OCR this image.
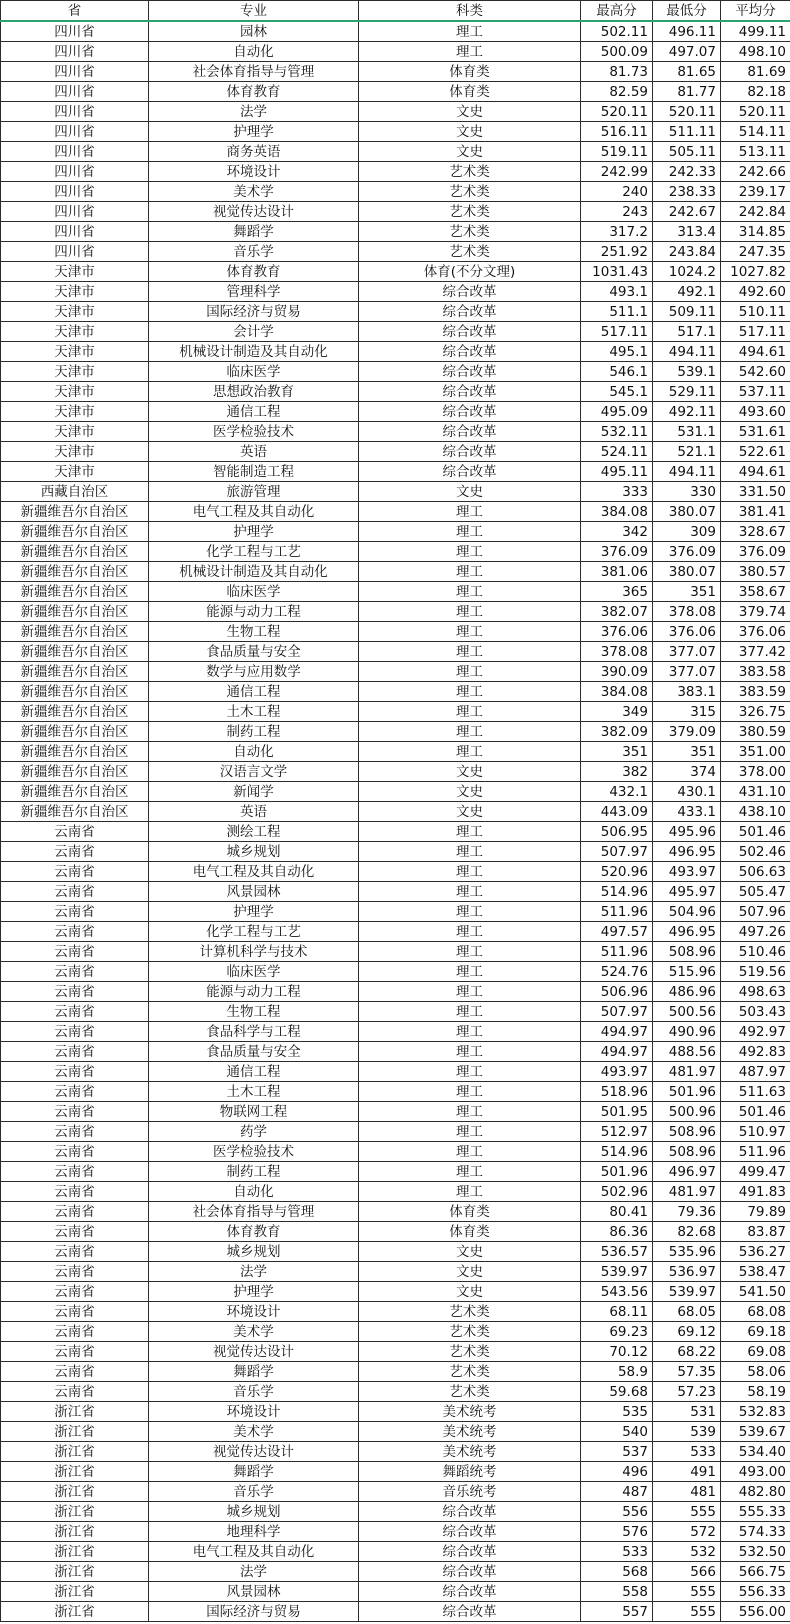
省	专业	科类	最高分	最低分	平均分
四川省	园林	理工	502.11	496.11	499.11
四川省	自动化	理工	500.09	497.07	498.10
四川省	社会体育指导与管理	体育类	81.73	81.65	81.69
四川省	体育教育	体育类	82.59	81.77	82.18
四川省	法学	文史	520.11	520.11	520.11
四川省	护理学	文史	516.11	511.11	514.11
四川省	商务英语	文史	519.11	505.11	513.11
四川省	环境设计	艺术类	242.99	242.33	242.66
四川省	美术学	艺术类	240	238.33	239.17
四川省	视觉传达设计	艺术类	243	242.67	242.84
四川省	舞蹈学	艺术类	317.2	313.4	314.85
四川省	音乐学	艺术类	251.92	243.84	247.35
天津市	体育教育	体育(不分文理)	1031.43	1024.2	1027.82
天津市	管理科学	综合改革	493.1	492.1	492.60
天津市	国际经济与贸易	综合改革	511.1	509.11	510.11
天津市	会计学	综合改革	517.11	517.1	517.11
天津市	机械设计制造及其自动化	综合改革	495.1	494.11	494.61
天津市	临床医学	综合改革	546.1	539.1	542.60
天津市	思想政治教育	综合改革	545.1	529.11	537.11
天津市	通信工程	综合改革	495.09	492.11	493.60
天津市	医学检验技术	综合改革	532.11	531.1	531.61
天津市	英语	综合改革	524.11	521.1	522.61
天津市	智能制造工程	综合改革	495.11	494.11	494.61
西藏自治区	旅游管理	文史	333	330	331.50
新疆维吾尔自治区	电气工程及其自动化	理工	384.08	380.07	381.41
新疆维吾尔自治区	护理学	理工	342	309	328.67
新疆维吾尔自治区	化学工程与工艺	理工	376.09	376.09	376.09
新疆维吾尔自治区	机械设计制造及其自动化	理工	381.06	380.07	380.57
新疆维吾尔自治区	临床医学	理工	365	351	358.67
新疆维吾尔自治区	能源与动力工程	理工	382.07	378.08	379.74
新疆维吾尔自治区	生物工程	理工	376.06	376.06	376.06
新疆维吾尔自治区	食品质量与安全	理工	378.08	377.07	377.42
新疆维吾尔自治区	数学与应用数学	理工	390.09	377.07	383.58
新疆维吾尔自治区	通信工程	理工	384.08	383.1	383.59
新疆维吾尔自治区	土木工程	理工	349	315	326.75
新疆维吾尔自治区	制药工程	理工	382.09	379.09	380.59
新疆维吾尔自治区	自动化	理工	351	351	351.00
新疆维吾尔自治区	汉语言文学	文史	382	374	378.00
新疆维吾尔自治区	新闻学	文史	432.1	430.1	431.10
新疆维吾尔自治区	英语	文史	443.09	433.1	438.10
云南省	测绘工程	理工	506.95	495.96	501.46
云南省	城乡规划	理工	507.97	496.95	502.46
云南省	电气工程及其自动化	理工	520.96	493.97	506.63
云南省	风景园林	理工	514.96	495.97	505.47
云南省	护理学	理工	511.96	504.96	507.96
云南省	化学工程与工艺	理工	497.57	496.95	497.26
云南省	计算机科学与技术	理工	511.96	508.96	510.46
云南省	临床医学	理工	524.76	515.96	519.56
云南省	能源与动力工程	理工	506.96	486.96	498.63
云南省	生物工程	理工	507.97	500.56	503.43
云南省	食品科学与工程	理工	494.97	490.96	492.97
云南省	食品质量与安全	理工	494.97	488.56	492.83
云南省	通信工程	理工	493.97	481.97	487.97
云南省	土木工程	理工	518.96	501.96	511.63
云南省	物联网工程	理工	501.95	500.96	501.46
云南省	药学	理工	512.97	508.96	510.97
云南省	医学检验技术	理工	514.96	508.96	511.96
云南省	制药工程	理工	501.96	496.97	499.47
云南省	自动化	理工	502.96	481.97	491.83
云南省	社会体育指导与管理	体育类	80.41	79.36	79.89
云南省	体育教育	体育类	86.36	82.68	83.87
云南省	城乡规划	文史	536.57	535.96	536.27
云南省	法学	文史	539.97	536.97	538.47
云南省	护理学	文史	543.56	539.97	541.50
云南省	环境设计	艺术类	68.11	68.05	68.08
云南省	美术学	艺术类	69.23	69.12	69.18
云南省	视觉传达设计	艺术类	70.12	68.22	69.08
云南省	舞蹈学	艺术类	58.9	57.35	58.06
云南省	音乐学	艺术类	59.68	57.23	58.19
浙江省	环境设计	美术统考	535	531	532.83
浙江省	美术学	美术统考	540	539	539.67
浙江省	视觉传达设计	美术统考	537	533	534.40
浙江省	舞蹈学	舞蹈统考	496	491	493.00
浙江省	音乐学	音乐统考	487	481	482.80
浙江省	城乡规划	综合改革	556	555	555.33
浙江省	地理科学	综合改革	576	572	574.33
浙江省	电气工程及其自动化	综合改革	533	532	532.50
浙江省	法学	综合改革	568	566	566.75
浙江省	风景园林	综合改革	558	555	556.33
浙江省	国际经济与贸易	综合改革	557	555	556.00
